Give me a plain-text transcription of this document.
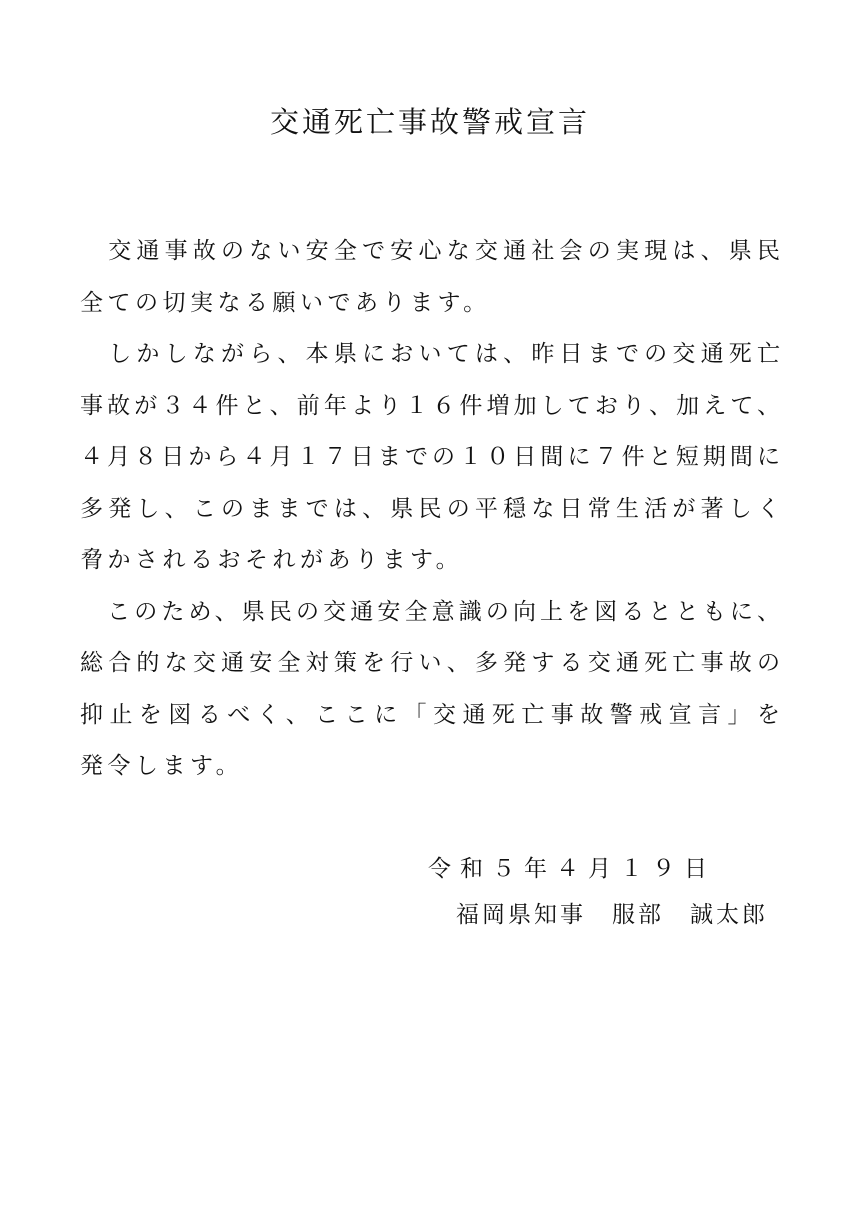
交通死亡事故警戒宣言
　交通事故のない安全で安心な交通社会の実現は、県民
全ての切実なる願いであります。
　しかしながら、本県においては、昨日までの交通死亡
事故が３４件と、前年より１６件増加しており、加えて、
４月８日から４月１７日までの１０日間に７件と短期間に
多発し、このままでは、県民の平穏な日常生活が著しく
脅かされるおそれがあります。
　このため、県民の交通安全意識の向上を図るとともに、
総合的な交通安全対策を行い、多発する交通死亡事故の
抑止を図るべく、ここに「交通死亡事故警戒宣言」を
発令します。
令和５年４月１９日
福岡県知事　服部　誠太郎
